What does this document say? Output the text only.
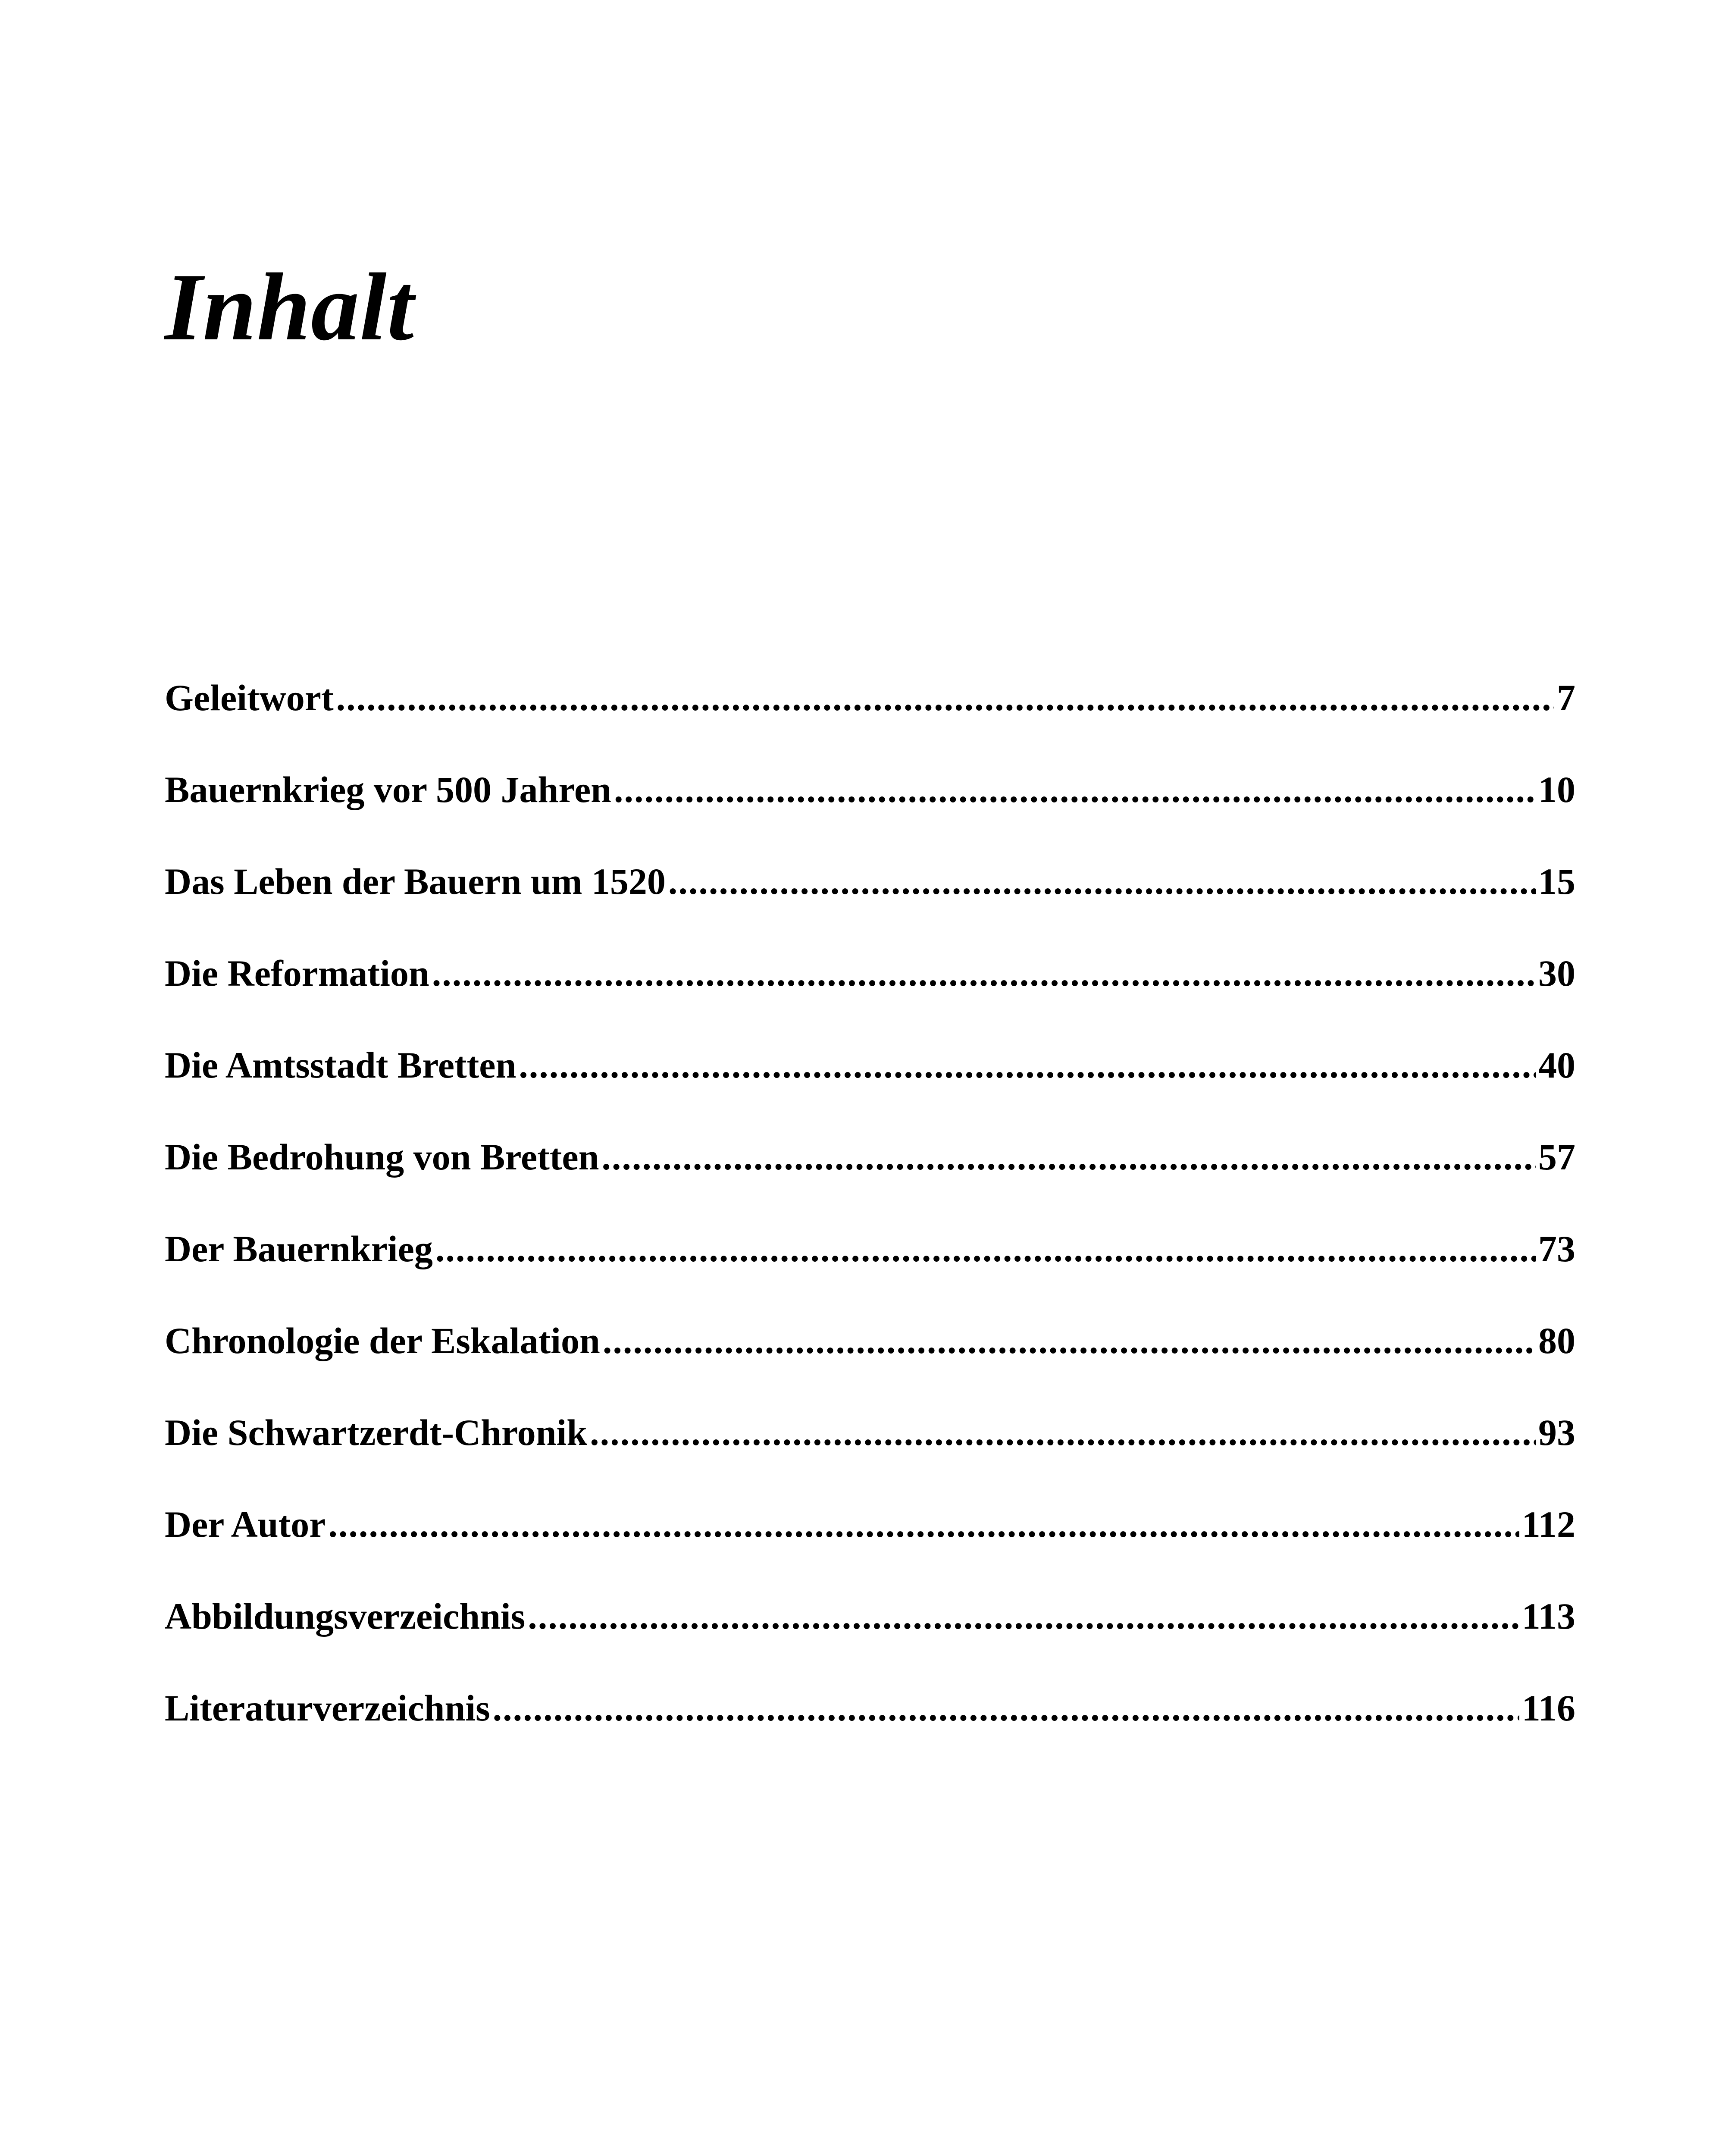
Inhalt
Geleitwort .....	7
Bauernkrieg vor 500 Jahren .....	10
Das Leben der Bauern um 1520 .....	15
Die Reformation .....	30
Die Amtsstadt Bretten .....	40
Die Bedrohung von Bretten .....	57
Der Bauernkrieg .....	73
Chronologie der Eskalation .....	80
Die Schwartzerdt-Chronik .....	93
Der Autor .....	112
Abbildungsverzeichnis .....	113
Literaturverzeichnis .....	116
